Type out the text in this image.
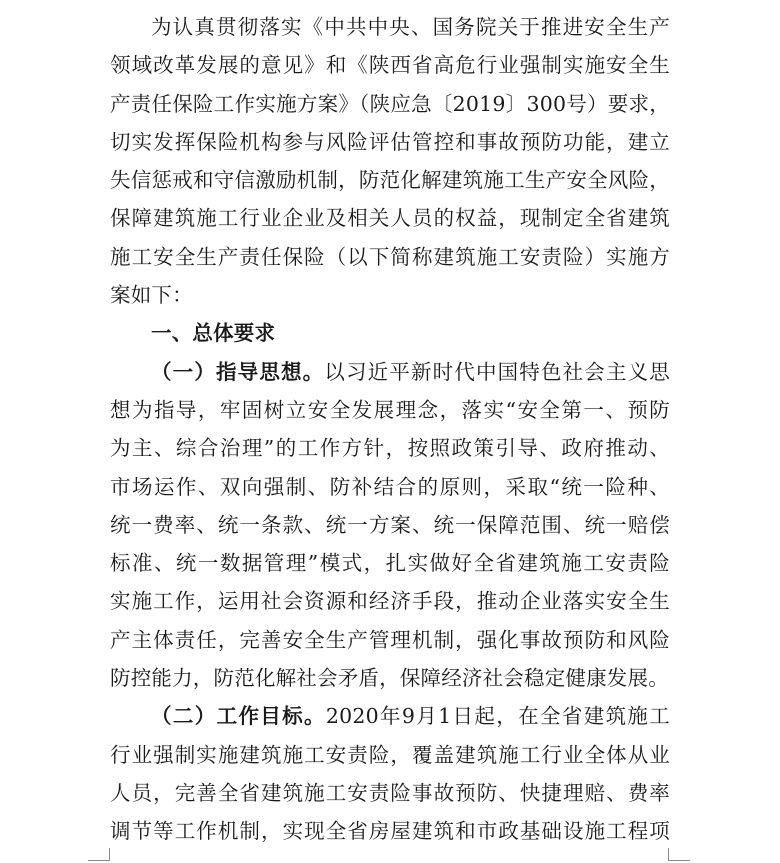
为认真贯彻落实《中共中央、国务院关于推进安全生产
领域改革发展的意见》和《陕西省高危行业强制实施安全生
产责任保险工作实施方案》（陕应急〔2019〕300号）要求，
切实发挥保险机构参与风险评估管控和事故预防功能，建立
失信惩戒和守信激励机制，防范化解建筑施工生产安全风险，
保障建筑施工行业企业及相关人员的权益，现制定全省建筑
施工安全生产责任保险（以下简称建筑施工安责险）实施方
案如下：
一、总体要求
（一）指导思想。以习近平新时代中国特色社会主义思
想为指导，牢固树立安全发展理念，落实“安全第一、预防
为主、综合治理”的工作方针，按照政策引导、政府推动、
市场运作、双向强制、防补结合的原则，采取“统一险种、
统一费率、统一条款、统一方案、统一保障范围、统一赔偿
标准、统一数据管理”模式，扎实做好全省建筑施工安责险
实施工作，运用社会资源和经济手段，推动企业落实安全生
产主体责任，完善安全生产管理机制，强化事故预防和风险
防控能力，防范化解社会矛盾，保障经济社会稳定健康发展。
（二）工作目标。2020年9月1日起，在全省建筑施工
行业强制实施建筑施工安责险，覆盖建筑施工行业全体从业
人员，完善全省建筑施工安责险事故预防、快捷理赔、费率
调节等工作机制，实现全省房屋建筑和市政基础设施工程项
